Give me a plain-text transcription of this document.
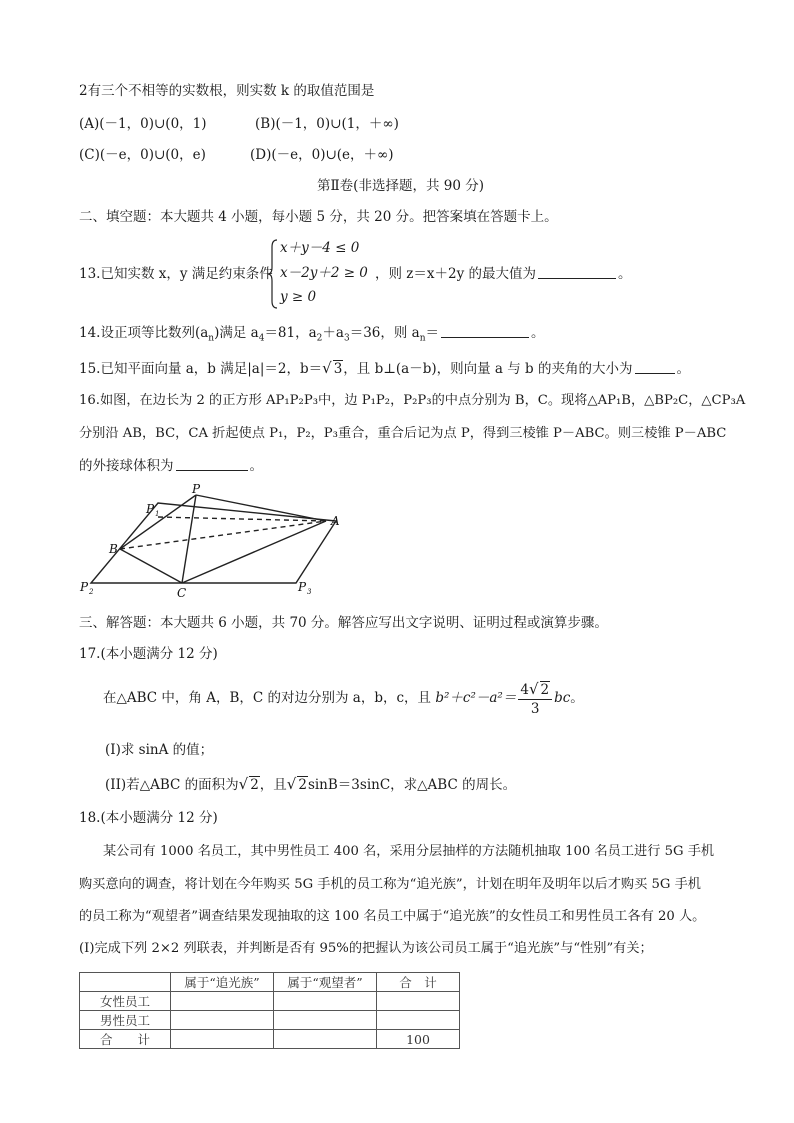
2有三个不相等的实数根，则实数 k 的取值范围是
(A)(－1，0)∪(0，1)	(B)(－1，0)∪(1，＋∞)
(C)(－e，0)∪(0，e)	(D)(－e，0)∪(e，＋∞)
第Ⅱ卷(非选择题，共 90 分)
二、填空题：本大题共 4 小题，每小题 5 分，共 20 分。把答案填在答题卡上。
13.已知实数 x，y 满足约束条件
x＋y－4 ≤ 0
x－2y＋2 ≥ 0
y ≥ 0
，则 z＝x＋2y 的最大值为	。
14.设正项等比数列$(a_n)$满足 $a_4=81$，$a_2+a_3=36$，则 $a_n=$	。
15.已知平面向量 a，b 满足|a|＝2，b＝√ 3，且 b⊥(a－b)，则向量 a 与 b 的夹角的大小为	。
16.如图，在边长为 2 的正方形 AP₁P₂P₃中，边 P₁P₂，P₂P₃的中点分别为 B，C。现将△AP₁B，△BP₂C，△CP₃A
分别沿 AB，BC，CA 折起使点 P₁，P₂，P₃重合，重合后记为点 P，得到三棱锥 P－ABC。则三棱锥 P－ABC
的外接球体积为	。
P
P 1	A
B
C
P 2	P 3
三、解答题：本大题共 6 小题，共 70 分。解答应写出文字说明、证明过程或演算步骤。
17.(本小题满分 12 分)
在△ABC 中，角 A，B，C 的对边分别为 a，b，c，且 $b^2+c^2-a^2= \frac{4√ 2}{3}$ bc。
(I)求 sinA 的值；
(II)若△ABC 的面积为√ 2，且√ 2sinB＝3sinC，求△ABC 的周长。
18.(本小题满分 12 分)
某公司有 1000 名员工，其中男性员工 400 名，采用分层抽样的方法随机抽取 100 名员工进行 5G 手机
购买意向的调查，将计划在今年购买 5G 手机的员工称为“追光族”，计划在明年及明年以后才购买 5G 手机
的员工称为“观望者”调查结果发现抽取的这 100 名员工中属于“追光族”的女性员工和男性员工各有 20 人。
(I)完成下列 2×2 列联表，并判断是否有 95%的把握认为该公司员工属于“追光族”与“性别”有关；
	属于“追光族”	属于“观望者”	合　计
女性员工			
男性员工			
合　　计			100
